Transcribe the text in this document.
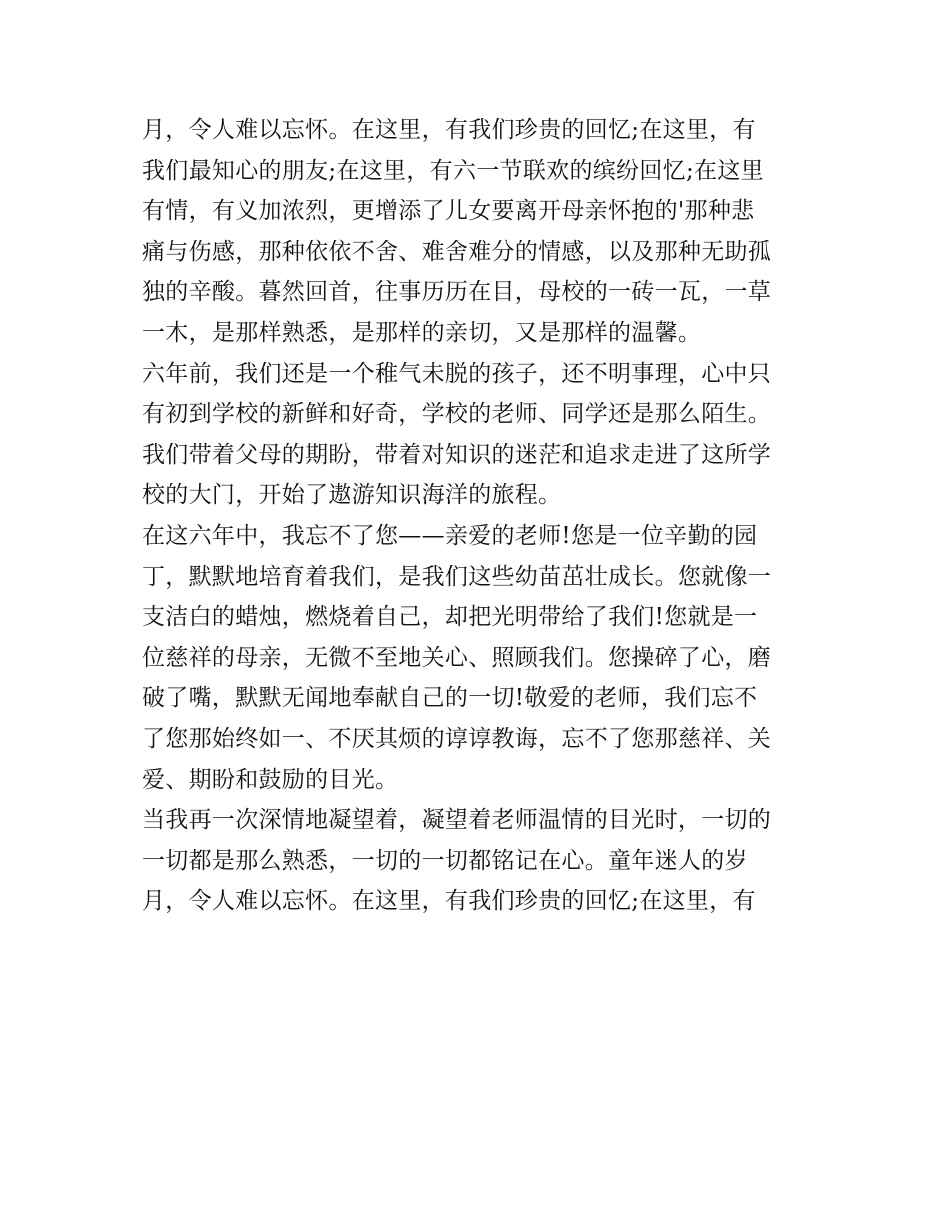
月，令人难以忘怀。在这里，有我们珍贵的回忆;在这里，有
我们最知心的朋友;在这里，有六一节联欢的缤纷回忆;在这里
有情，有义加浓烈，更增添了儿女要离开母亲怀抱的'那种悲
痛与伤感，那种依依不舍、难舍难分的情感，以及那种无助孤
独的辛酸。暮然回首，往事历历在目，母校的一砖一瓦，一草
一木，是那样熟悉，是那样的亲切，又是那样的温馨。
六年前，我们还是一个稚气未脱的孩子，还不明事理，心中只
有初到学校的新鲜和好奇，学校的老师、同学还是那么陌生。
我们带着父母的期盼，带着对知识的迷茫和追求走进了这所学
校的大门，开始了遨游知识海洋的旅程。
在这六年中，我忘不了您——亲爱的老师!您是一位辛勤的园
丁，默默地培育着我们，是我们这些幼苗茁壮成长。您就像一
支洁白的蜡烛，燃烧着自己，却把光明带给了我们!您就是一
位慈祥的母亲，无微不至地关心、照顾我们。您操碎了心，磨
破了嘴，默默无闻地奉献自己的一切!敬爱的老师，我们忘不
了您那始终如一、不厌其烦的谆谆教诲，忘不了您那慈祥、关
爱、期盼和鼓励的目光。
当我再一次深情地凝望着，凝望着老师温情的目光时，一切的
一切都是那么熟悉，一切的一切都铭记在心。童年迷人的岁
月，令人难以忘怀。在这里，有我们珍贵的回忆;在这里，有
